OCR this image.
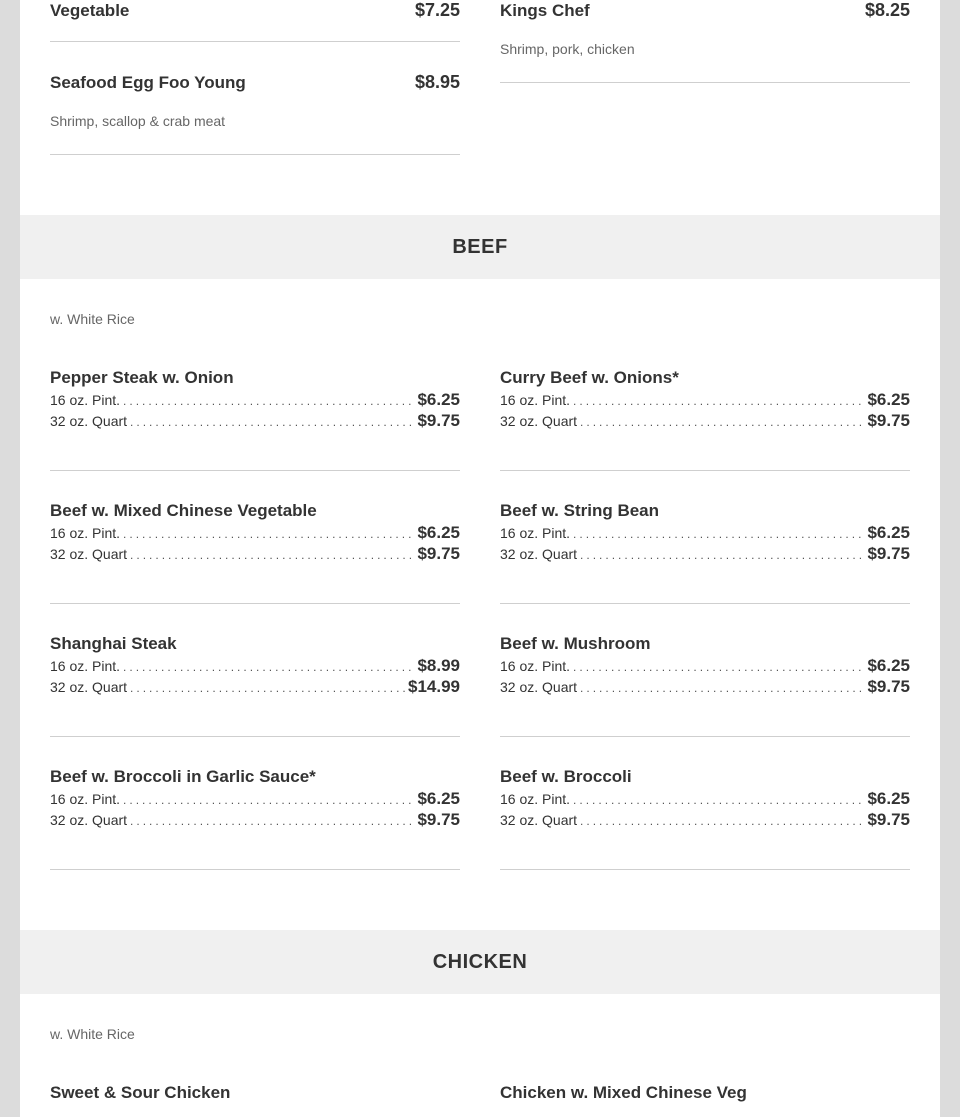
Vegetable	$7.25 Kings Chef	$8.25
Shrimp, pork, chicken
Seafood Egg Foo Young	$8.95
Shrimp, scallop & crab meat
BEEF
w. White Rice
Pepper Steak w. Onion
16 oz. Pint. .....	$6.25
32 oz. Quart .....	$9.75
Curry Beef w. Onions*
16 oz. Pint. .....	$6.25
32 oz. Quart .....	$9.75
Beef w. Mixed Chinese Vegetable
16 oz. Pint. .....	$6.25
32 oz. Quart .....	$9.75
Beef w. String Bean
16 oz. Pint. .....	$6.25
32 oz. Quart .....	$9.75
Shanghai Steak
16 oz. Pint. .....	$8.99
32 oz. Quart .....	$14.99
Beef w. Mushroom
16 oz. Pint. .....	$6.25
32 oz. Quart .....	$9.75
Beef w. Broccoli in Garlic Sauce*
16 oz. Pint. .....	$6.25
32 oz. Quart .....	$9.75
Beef w. Broccoli
16 oz. Pint. .....	$6.25
32 oz. Quart .....	$9.75
CHICKEN
w. White Rice
Sweet & Sour Chicken	Chicken w. Mixed Chinese Veg
